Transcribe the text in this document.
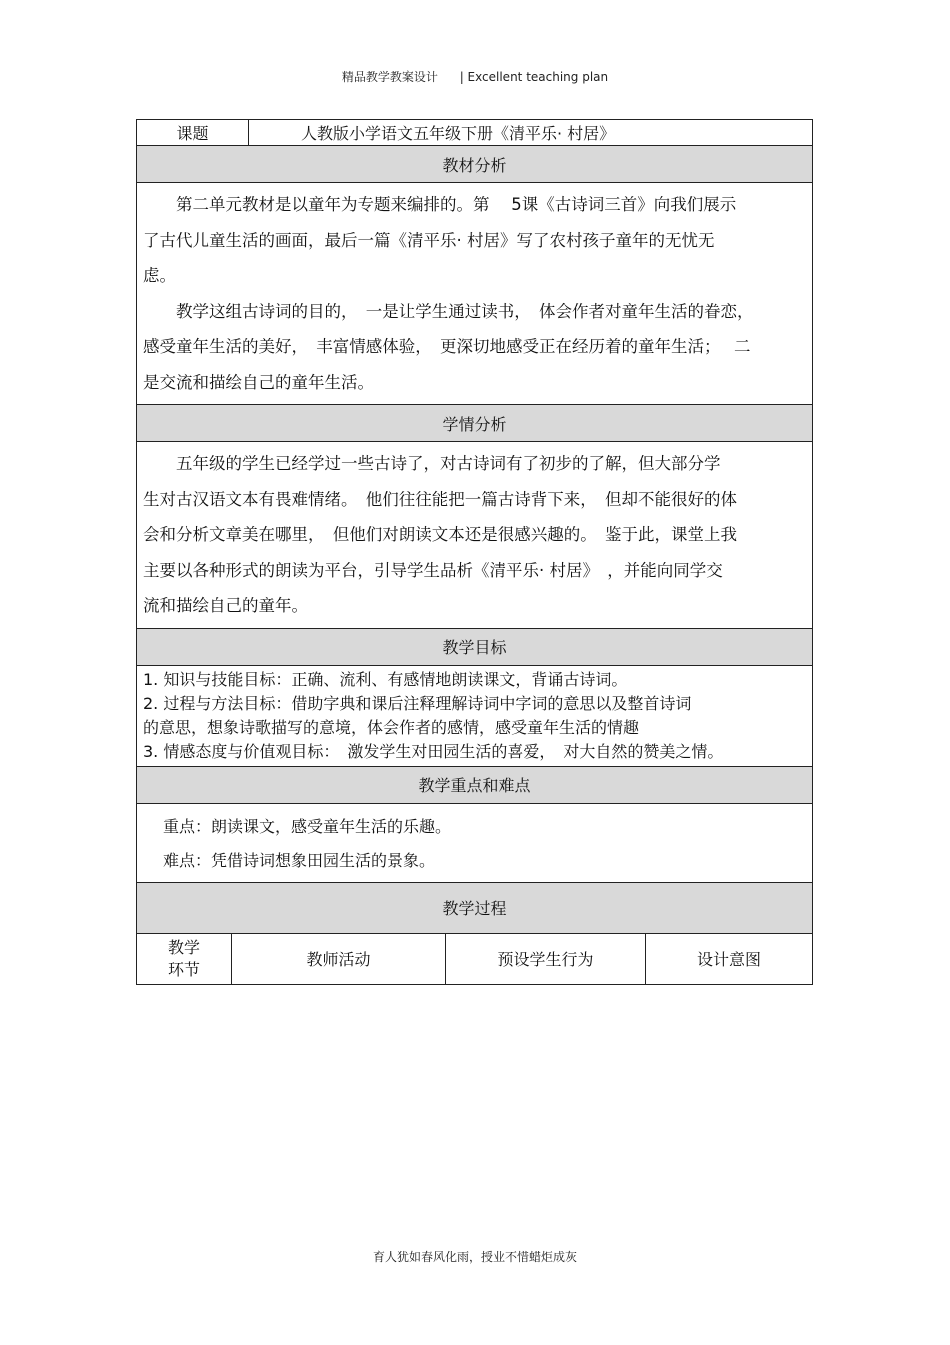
精品教学教案设计 | Excellent teaching plan
课题	人教版小学语文五年级下册《清平乐· 村居》
教材分析

第二单元教材是以童年为专题来编排的。第　 5课《古诗词三首》向我们展示

了古代儿童生活的画面，最后一篇《清平乐· 村居》写了农村孩子童年的无忧无

虑。

教学这组古诗词的目的，　一是让学生通过读书，　体会作者对童年生活的眷恋，

感受童年生活的美好，　丰富情感体验，　更深切地感受正在经历着的童年生活；　 二

是交流和描绘自己的童年生活。

学情分析

五年级的学生已经学过一些古诗了，对古诗词有了初步的了解，但大部分学

生对古汉语文本有畏难情绪。　他们往往能把一篇古诗背下来，　但却不能很好的体

会和分析文章美在哪里，　但他们对朗读文本还是很感兴趣的。　鉴于此，课堂上我

主要以各种形式的朗读为平台，引导学生品析《清平乐· 村居》　，并能向同学交

流和描绘自己的童年。

教学目标

1. 知识与技能目标：正确、流利、有感情地朗读课文，背诵古诗词。

2. 过程与方法目标：借助字典和课后注释理解诗词中字词的意思以及整首诗词

的意思，想象诗歌描写的意境，体会作者的感情，感受童年生活的情趣

3. 情感态度与价值观目标：　激发学生对田园生活的喜爱，　对大自然的赞美之情。

教学重点和难点

重点：朗读课文，感受童年生活的乐趣。

难点：凭借诗词想象田园生活的景象。

教学过程
教学
环节	教师活动	预设学生行为	设计意图
育人犹如春风化雨，授业不惜蜡炬成灰
